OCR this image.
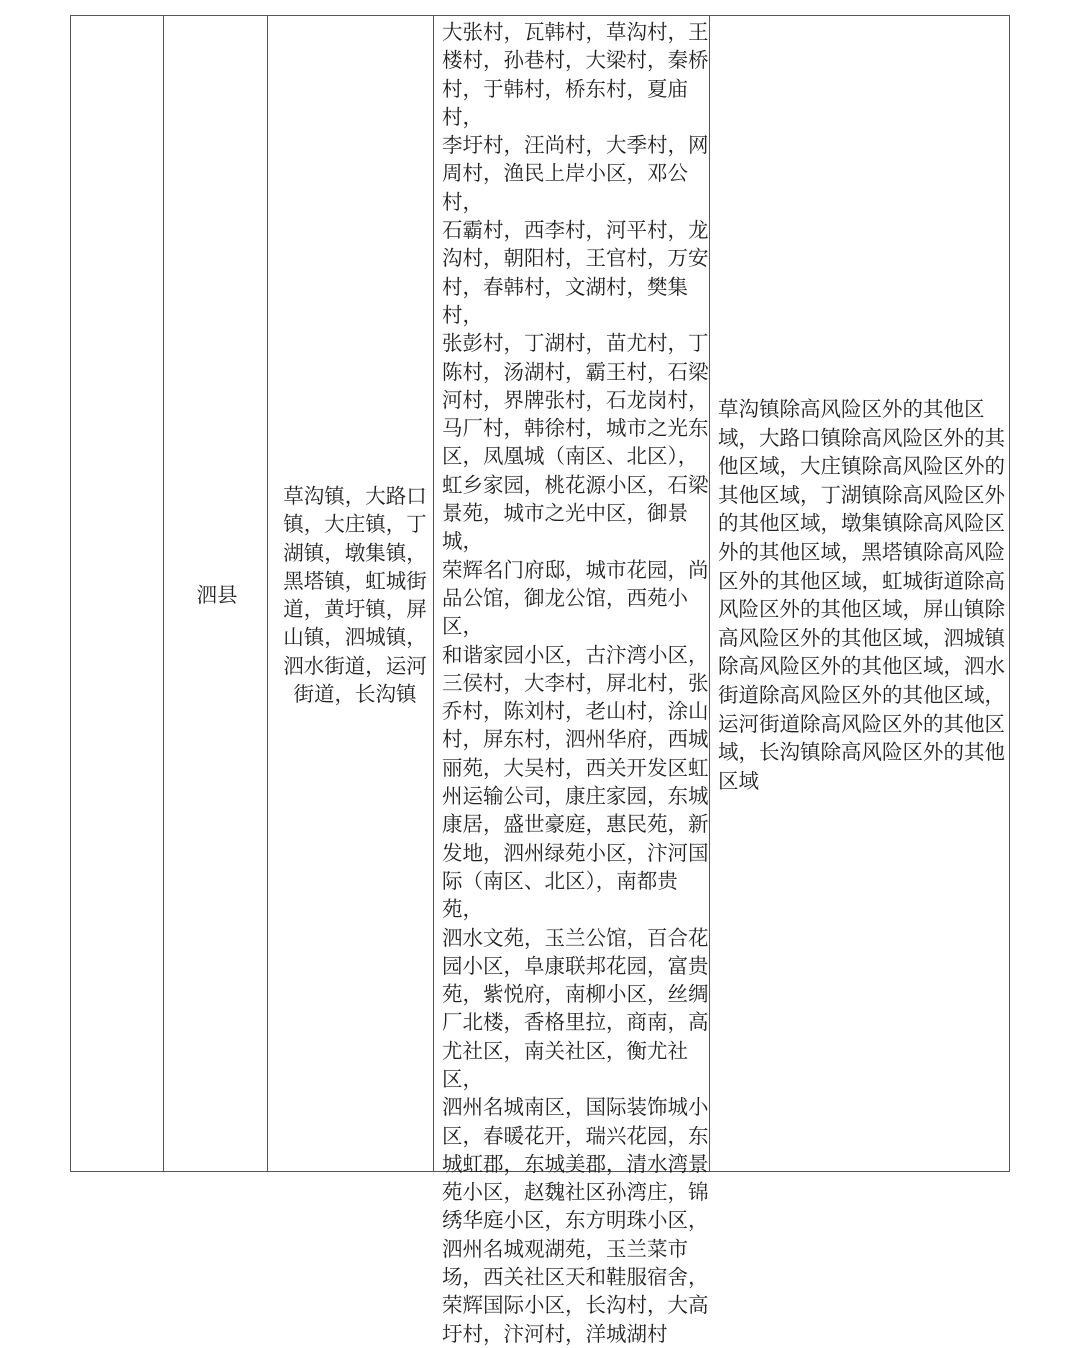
泗县
草沟镇，大路口
镇，大庄镇，丁
湖镇，墩集镇，
黑塔镇，虹城街
道，黄圩镇，屏
山镇，泗城镇，
泗水街道，运河
街道，长沟镇
大张村，瓦韩村，草沟村，王
楼村，孙巷村，大梁村，秦桥
村，于韩村，桥东村，夏庙村，
李圩村，汪尚村，大季村，网
周村，渔民上岸小区，邓公村，
石霸村，西李村，河平村，龙
沟村，朝阳村，王官村，万安
村，春韩村，文湖村，樊集村，
张彭村，丁湖村，苗尤村，丁
陈村，汤湖村，霸王村，石梁
河村，界牌张村，石龙岗村，
马厂村，韩徐村，城市之光东
区，凤凰城（南区、北区），
虹乡家园，桃花源小区，石梁
景苑，城市之光中区，御景城，
荣辉名门府邸，城市花园，尚
品公馆，御龙公馆，西苑小区，
和谐家园小区，古汴湾小区，
三侯村，大李村，屏北村，张
乔村，陈刘村，老山村，涂山
村，屏东村，泗州华府，西城
丽苑，大吴村，西关开发区虹
州运输公司，康庄家园，东城
康居，盛世豪庭，惠民苑，新
发地，泗州绿苑小区，汴河国
际（南区、北区），南都贵苑，
泗水文苑，玉兰公馆，百合花
园小区，阜康联邦花园，富贵
苑，紫悦府，南柳小区，丝绸
厂北楼，香格里拉，商南，高
尤社区，南关社区，衡尤社区，
泗州名城南区，国际装饰城小
区，春暖花开，瑞兴花园，东
城虹郡，东城美郡，清水湾景
苑小区，赵魏社区孙湾庄，锦
绣华庭小区，东方明珠小区，
泗州名城观湖苑，玉兰菜市
场，西关社区天和鞋服宿舍，
荣辉国际小区，长沟村，大高
圩村，汴河村，洋城湖村
草沟镇除高风险区外的其他区
域，大路口镇除高风险区外的其
他区域，大庄镇除高风险区外的
其他区域，丁湖镇除高风险区外
的其他区域，墩集镇除高风险区
外的其他区域，黑塔镇除高风险
区外的其他区域，虹城街道除高
风险区外的其他区域，屏山镇除
高风险区外的其他区域，泗城镇
除高风险区外的其他区域，泗水
街道除高风险区外的其他区域，
运河街道除高风险区外的其他区
域，长沟镇除高风险区外的其他
区域
